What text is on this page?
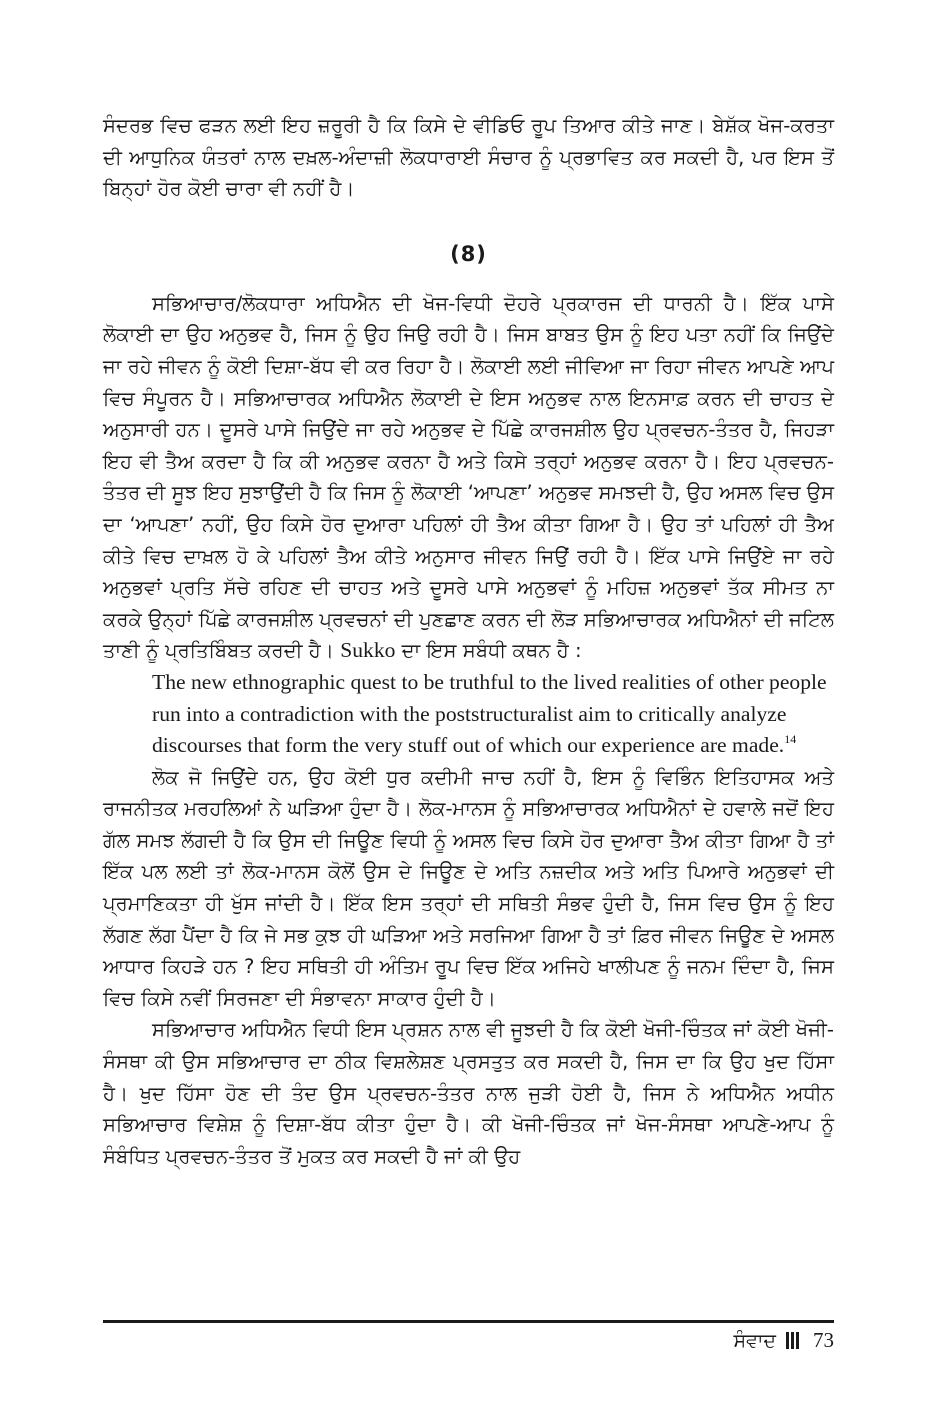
ਸੰਦਰਭ ਵਿਚ ਫੜਨ ਲਈ ਇਹ ਜ਼ਰੂਰੀ ਹੈ ਕਿ ਕਿਸੇ ਦੇ ਵੀਡਿਓ ਰੂਪ ਤਿਆਰ ਕੀਤੇ ਜਾਣ। ਬੇਸ਼ੱਕ ਖੋਜ-ਕਰਤਾ ਦੀ ਆਧੁਨਿਕ ਯੰਤਰਾਂ ਨਾਲ ਦਖ਼ਲ-ਅੰਦਾਜ਼ੀ ਲੋਕਧਾਰਾਈ ਸੰਚਾਰ ਨੂੰ ਪ੍ਰਭਾਵਿਤ ਕਰ ਸਕਦੀ ਹੈ, ਪਰ ਇਸ ਤੋਂ ਬਿਨ੍ਹਾਂ ਹੋਰ ਕੋਈ ਚਾਰਾ ਵੀ ਨਹੀਂ ਹੈ।

(8)

ਸਭਿਆਚਾਰ/ਲੋਕਧਾਰਾ ਅਧਿਐਨ ਦੀ ਖੋਜ-ਵਿਧੀ ਦੋਹਰੇ ਪ੍ਰਕਾਰਜ ਦੀ ਧਾਰਨੀ ਹੈ। ਇੱਕ ਪਾਸੇ ਲੋਕਾਈ ਦਾ ਉਹ ਅਨੁਭਵ ਹੈ, ਜਿਸ ਨੂੰ ਉਹ ਜਿਉ ਰਹੀ ਹੈ। ਜਿਸ ਬਾਬਤ ਉਸ ਨੂੰ ਇਹ ਪਤਾ ਨਹੀਂ ਕਿ ਜਿਉਂਦੇ ਜਾ ਰਹੇ ਜੀਵਨ ਨੂੰ ਕੋਈ ਦਿਸ਼ਾ-ਬੱਧ ਵੀ ਕਰ ਰਿਹਾ ਹੈ। ਲੋਕਾਈ ਲਈ ਜੀਵਿਆ ਜਾ ਰਿਹਾ ਜੀਵਨ ਆਪਣੇ ਆਪ ਵਿਚ ਸੰਪੂਰਨ ਹੈ। ਸਭਿਆਚਾਰਕ ਅਧਿਐਨ ਲੋਕਾਈ ਦੇ ਇਸ ਅਨੁਭਵ ਨਾਲ ਇਨਸਾਫ਼ ਕਰਨ ਦੀ ਚਾਹਤ ਦੇ ਅਨੁਸਾਰੀ ਹਨ। ਦੂਸਰੇ ਪਾਸੇ ਜਿਉਂਦੇ ਜਾ ਰਹੇ ਅਨੁਭਵ ਦੇ ਪਿੱਛੇ ਕਾਰਜਸ਼ੀਲ ਉਹ ਪ੍ਰਵਚਨ-ਤੰਤਰ ਹੈ, ਜਿਹੜਾ ਇਹ ਵੀ ਤੈਅ ਕਰਦਾ ਹੈ ਕਿ ਕੀ ਅਨੁਭਵ ਕਰਨਾ ਹੈ ਅਤੇ ਕਿਸੇ ਤਰ੍ਹਾਂ ਅਨੁਭਵ ਕਰਨਾ ਹੈ। ਇਹ ਪ੍ਰਵਚਨ-ਤੰਤਰ ਦੀ ਸੂਝ ਇਹ ਸੁਝਾਉਂਦੀ ਹੈ ਕਿ ਜਿਸ ਨੂੰ ਲੋਕਾਈ ‘ਆਪਣਾ’ ਅਨੁਭਵ ਸਮਝਦੀ ਹੈ, ਉਹ ਅਸਲ ਵਿਚ ਉਸ ਦਾ ‘ਆਪਣਾ’ ਨਹੀਂ, ਉਹ ਕਿਸੇ ਹੋਰ ਦੁਆਰਾ ਪਹਿਲਾਂ ਹੀ ਤੈਅ ਕੀਤਾ ਗਿਆ ਹੈ। ਉਹ ਤਾਂ ਪਹਿਲਾਂ ਹੀ ਤੈਅ ਕੀਤੇ ਵਿਚ ਦਾਖ਼ਲ ਹੋ ਕੇ ਪਹਿਲਾਂ ਤੈਅ ਕੀਤੇ ਅਨੁਸਾਰ ਜੀਵਨ ਜਿਉਂ ਰਹੀ ਹੈ। ਇੱਕ ਪਾਸੇ ਜਿਉਂਏ ਜਾ ਰਹੇ ਅਨੁਭਵਾਂ ਪ੍ਰਤਿ ਸੱਚੇ ਰਹਿਣ ਦੀ ਚਾਹਤ ਅਤੇ ਦੂਸਰੇ ਪਾਸੇ ਅਨੁਭਵਾਂ ਨੂੰ ਮਹਿਜ਼ ਅਨੁਭਵਾਂ ਤੱਕ ਸੀਮਤ ਨਾ ਕਰਕੇ ਉਨ੍ਹਾਂ ਪਿੱਛੇ ਕਾਰਜਸ਼ੀਲ ਪ੍ਰਵਚਨਾਂ ਦੀ ਪੁਣਛਾਣ ਕਰਨ ਦੀ ਲੋੜ ਸਭਿਆਚਾਰਕ ਅਧਿਐਨਾਂ ਦੀ ਜਟਿਲ ਤਾਣੀ ਨੂੰ ਪ੍ਰਤਿਬਿੰਬਤ ਕਰਦੀ ਹੈ। Sukko ਦਾ ਇਸ ਸਬੰਧੀ ਕਥਨ ਹੈ :

The new ethnographic quest to be truthful to the lived realities of other people run into a contradiction with the poststructuralist aim to critically analyze discourses that form the very stuff out of which our experience are made.$^{14}$

ਲੋਕ ਜੋ ਜਿਉਂਦੇ ਹਨ, ਉਹ ਕੋਈ ਧੁਰ ਕਦੀਮੀ ਜਾਚ ਨਹੀਂ ਹੈ, ਇਸ ਨੂੰ ਵਿਭਿੰਨ ਇਤਿਹਾਸਕ ਅਤੇ ਰਾਜਨੀਤਕ ਮਰਹਲਿਆਂ ਨੇ ਘੜਿਆ ਹੁੰਦਾ ਹੈ। ਲੋਕ-ਮਾਨਸ ਨੂੰ ਸਭਿਆਚਾਰਕ ਅਧਿਐਨਾਂ ਦੇ ਹਵਾਲੇ ਜਦੋਂ ਇਹ ਗੱਲ ਸਮਝ ਲੱਗਦੀ ਹੈ ਕਿ ਉਸ ਦੀ ਜਿਊਣ ਵਿਧੀ ਨੂੰ ਅਸਲ ਵਿਚ ਕਿਸੇ ਹੋਰ ਦੁਆਰਾ ਤੈਅ ਕੀਤਾ ਗਿਆ ਹੈ ਤਾਂ ਇੱਕ ਪਲ ਲਈ ਤਾਂ ਲੋਕ-ਮਾਨਸ ਕੋਲੋਂ ਉਸ ਦੇ ਜਿਊਣ ਦੇ ਅਤਿ ਨਜ਼ਦੀਕ ਅਤੇ ਅਤਿ ਪਿਆਰੇ ਅਨੁਭਵਾਂ ਦੀ ਪ੍ਰਮਾਣਿਕਤਾ ਹੀ ਖੁੱਸ ਜਾਂਦੀ ਹੈ। ਇੱਕ ਇਸ ਤਰ੍ਹਾਂ ਦੀ ਸਥਿਤੀ ਸੰਭਵ ਹੁੰਦੀ ਹੈ, ਜਿਸ ਵਿਚ ਉਸ ਨੂੰ ਇਹ ਲੱਗਣ ਲੱਗ ਪੈਂਦਾ ਹੈ ਕਿ ਜੇ ਸਭ ਕੁਝ ਹੀ ਘੜਿਆ ਅਤੇ ਸਰਜਿਆ ਗਿਆ ਹੈ ਤਾਂ ਫ਼ਿਰ ਜੀਵਨ ਜਿਊਣ ਦੇ ਅਸਲ ਆਧਾਰ ਕਿਹੜੇ ਹਨ ? ਇਹ ਸਥਿਤੀ ਹੀ ਅੰਤਿਮ ਰੂਪ ਵਿਚ ਇੱਕ ਅਜਿਹੇ ਖਾਲੀਪਣ ਨੂੰ ਜਨਮ ਦਿੰਦਾ ਹੈ, ਜਿਸ ਵਿਚ ਕਿਸੇ ਨਵੀਂ ਸਿਰਜਣਾ ਦੀ ਸੰਭਾਵਨਾ ਸਾਕਾਰ ਹੁੰਦੀ ਹੈ।

ਸਭਿਆਚਾਰ ਅਧਿਐਨ ਵਿਧੀ ਇਸ ਪ੍ਰਸ਼ਨ ਨਾਲ ਵੀ ਜੂਝਦੀ ਹੈ ਕਿ ਕੋਈ ਖੋਜੀ-ਚਿੰਤਕ ਜਾਂ ਕੋਈ ਖੋਜੀ-ਸੰਸਥਾ ਕੀ ਉਸ ਸਭਿਆਚਾਰ ਦਾ ਠੀਕ ਵਿਸ਼ਲੇਸ਼ਣ ਪ੍ਰਸਤੁਤ ਕਰ ਸਕਦੀ ਹੈ, ਜਿਸ ਦਾ ਕਿ ਉਹ ਖੁਦ ਹਿੱਸਾ ਹੈ। ਖੁਦ ਹਿੱਸਾ ਹੋਣ ਦੀ ਤੰਦ ਉਸ ਪ੍ਰਵਚਨ-ਤੰਤਰ ਨਾਲ ਜੁੜੀ ਹੋਈ ਹੈ, ਜਿਸ ਨੇ ਅਧਿਐਨ ਅਧੀਨ ਸਭਿਆਚਾਰ ਵਿਸ਼ੇਸ਼ ਨੂੰ ਦਿਸ਼ਾ-ਬੱਧ ਕੀਤਾ ਹੁੰਦਾ ਹੈ। ਕੀ ਖੋਜੀ-ਚਿੰਤਕ ਜਾਂ ਖੋਜ-ਸੰਸਥਾ ਆਪਣੇ-ਆਪ ਨੂੰ ਸੰਬੰਧਿਤ ਪ੍ਰਵਚਨ-ਤੰਤਰ ਤੋਂ ਮੁਕਤ ਕਰ ਸਕਦੀ ਹੈ ਜਾਂ ਕੀ ਉਹ

ਸੰਵਾਦ 73
